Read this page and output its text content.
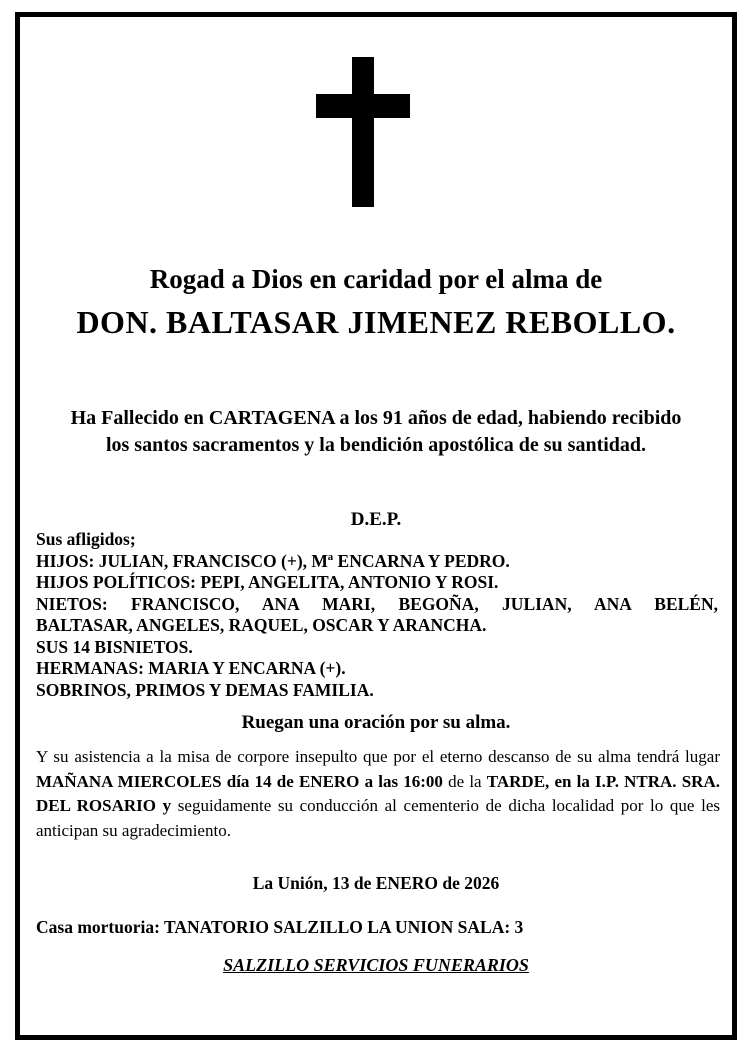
Rogad a Dios en caridad por el alma de
DON. BALTASAR JIMENEZ REBOLLO.
Ha Fallecido en CARTAGENA a los 91 años de edad, habiendo recibido los santos sacramentos y la bendición apostólica de su santidad.
D.E.P.
Sus afligidos;
HIJOS: JULIAN, FRANCISCO (+), Mª ENCARNA Y PEDRO.
HIJOS POLÍTICOS: PEPI, ANGELITA, ANTONIO Y ROSI.
NIETOS: FRANCISCO, ANA MARI, BEGOÑA, JULIAN, ANA BELÉN,
BALTASAR, ANGELES, RAQUEL, OSCAR Y ARANCHA.
SUS 14 BISNIETOS.
HERMANAS: MARIA Y ENCARNA (+).
SOBRINOS, PRIMOS Y DEMAS FAMILIA.
Ruegan una oración por su alma.
Y su asistencia a la misa de corpore insepulto que por el eterno descanso de su alma tendrá lugar MAÑANA MIERCOLES día 14 de ENERO a las 16:00 de la TARDE, en la I.P. NTRA. SRA. DEL ROSARIO y seguidamente su conducción al cementerio de dicha localidad por lo que les anticipan su agradecimiento.
La Unión, 13 de ENERO de 2026
Casa mortuoria: TANATORIO SALZILLO LA UNION SALA: 3
SALZILLO SERVICIOS FUNERARIOS
